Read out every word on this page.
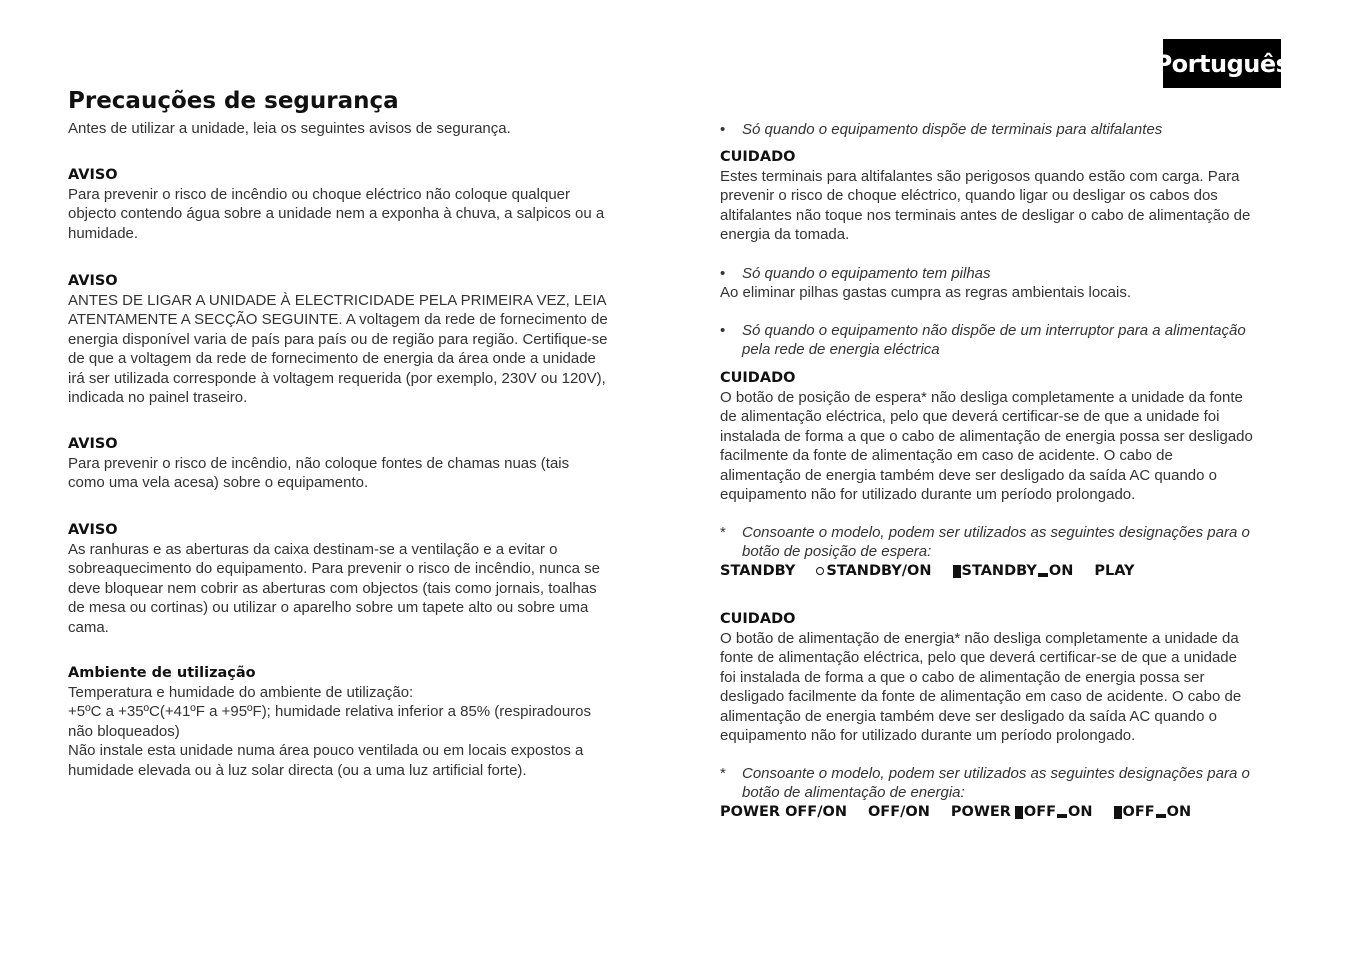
Português
Precauções de segurança
Antes de utilizar a unidade, leia os seguintes avisos de segurança.
AVISO
Para prevenir o risco de incêndio ou choque eléctrico não coloque qualquer
objecto contendo água sobre a unidade nem a exponha à chuva, a salpicos ou a
humidade.
AVISO
ANTES DE LIGAR A UNIDADE À ELECTRICIDADE PELA PRIMEIRA VEZ, LEIA
ATENTAMENTE A SECÇÃO SEGUINTE. A voltagem da rede de fornecimento de
energia disponível varia de país para país ou de região para região. Certifique-se
de que a voltagem da rede de fornecimento de energia da área onde a unidade
irá ser utilizada corresponde à voltagem requerida (por exemplo, 230V ou 120V),
indicada no painel traseiro.
AVISO
Para prevenir o risco de incêndio, não coloque fontes de chamas nuas (tais
como uma vela acesa) sobre o equipamento.
AVISO
As ranhuras e as aberturas da caixa destinam-se a ventilação e a evitar o
sobreaquecimento do equipamento. Para prevenir o risco de incêndio, nunca se
deve bloquear nem cobrir as aberturas com objectos (tais como jornais, toalhas
de mesa ou cortinas) ou utilizar o aparelho sobre um tapete alto ou sobre uma
cama.
Ambiente de utilização
Temperatura e humidade do ambiente de utilização:
+5ºC a +35ºC(+41ºF a +95ºF); humidade relativa inferior a 85% (respiradouros
não bloqueados)
Não instale esta unidade numa área pouco ventilada ou em locais expostos a
humidade elevada ou à luz solar directa (ou a uma luz artificial forte).
• Só quando o equipamento dispõe de terminais para altifalantes
CUIDADO
Estes terminais para altifalantes são perigosos quando estão com carga. Para
prevenir o risco de choque eléctrico, quando ligar ou desligar os cabos dos
altifalantes não toque nos terminais antes de desligar o cabo de alimentação de
energia da tomada.
• Só quando o equipamento tem pilhas
Ao eliminar pilhas gastas cumpra as regras ambientais locais.
• Só quando o equipamento não dispõe de um interruptor para a alimentação
pela rede de energia eléctrica
CUIDADO
O botão de posição de espera* não desliga completamente a unidade da fonte
de alimentação eléctrica, pelo que deverá certificar-se de que a unidade foi
instalada de forma a que o cabo de alimentação de energia possa ser desligado
facilmente da fonte de alimentação em caso de acidente. O cabo de
alimentação de energia também deve ser desligado da saída AC quando o
equipamento não for utilizado durante um período prolongado.
* Consoante o modelo, podem ser utilizados as seguintes designações para o
botão de posição de espera:
STANDBY STANDBY/ON STANDBY ON PLAY
CUIDADO
O botão de alimentação de energia* não desliga completamente a unidade da
fonte de alimentação eléctrica, pelo que deverá certificar-se de que a unidade
foi instalada de forma a que o cabo de alimentação de energia possa ser
desligado facilmente da fonte de alimentação em caso de acidente. O cabo de
alimentação de energia também deve ser desligado da saída AC quando o
equipamento não for utilizado durante um período prolongado.
* Consoante o modelo, podem ser utilizados as seguintes designações para o
botão de alimentação de energia:
POWER OFF/ON OFF/ON POWER OFF ON OFF ON
